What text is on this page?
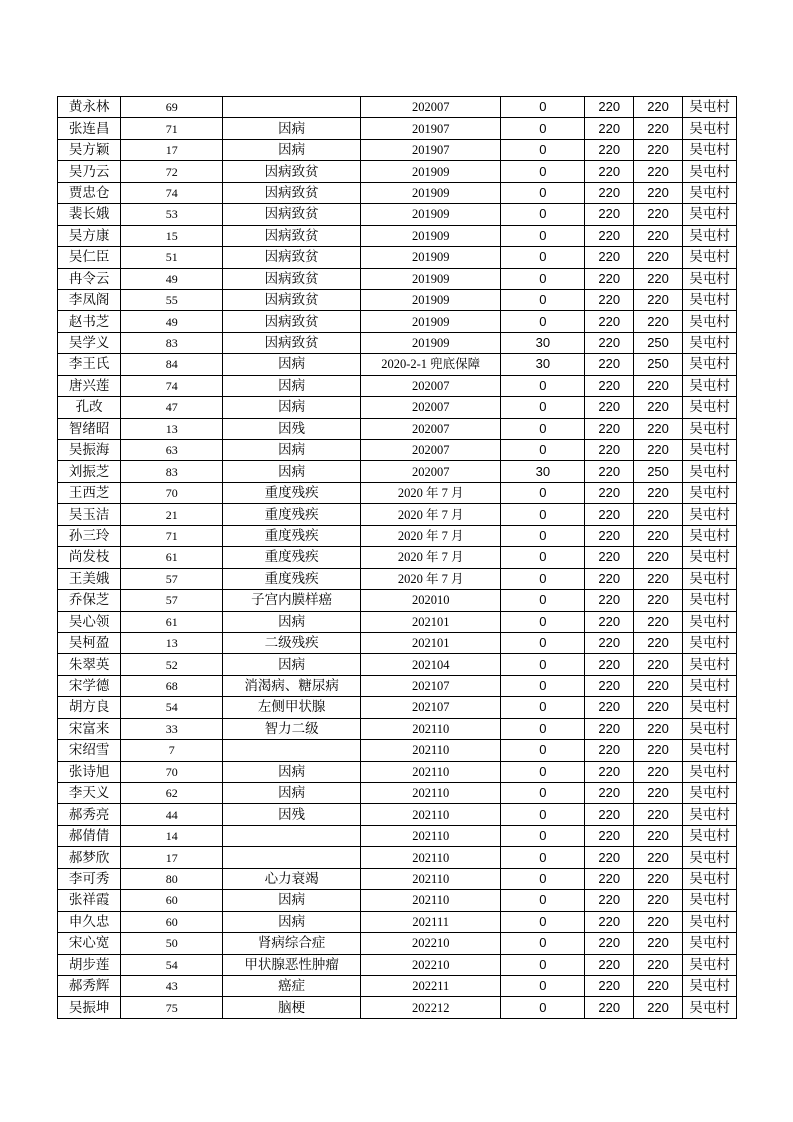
黄永林	69		202007	0	220	220	吴屯村
张连昌	71	因病	201907	0	220	220	吴屯村
吴方颖	17	因病	201907	0	220	220	吴屯村
吴乃云	72	因病致贫	201909	0	220	220	吴屯村
贾忠仓	74	因病致贫	201909	0	220	220	吴屯村
裴长娥	53	因病致贫	201909	0	220	220	吴屯村
吴方康	15	因病致贫	201909	0	220	220	吴屯村
吴仁臣	51	因病致贫	201909	0	220	220	吴屯村
冉令云	49	因病致贫	201909	0	220	220	吴屯村
李凤阁	55	因病致贫	201909	0	220	220	吴屯村
赵书芝	49	因病致贫	201909	0	220	220	吴屯村
吴学义	83	因病致贫	201909	30	220	250	吴屯村
李王氏	84	因病	2020-2-1 兜底保障	30	220	250	吴屯村
唐兴莲	74	因病	202007	0	220	220	吴屯村
孔改	47	因病	202007	0	220	220	吴屯村
智绪昭	13	因残	202007	0	220	220	吴屯村
吴振海	63	因病	202007	0	220	220	吴屯村
刘振芝	83	因病	202007	30	220	250	吴屯村
王西芝	70	重度残疾	2020 年 7 月	0	220	220	吴屯村
吴玉洁	21	重度残疾	2020 年 7 月	0	220	220	吴屯村
孙三玲	71	重度残疾	2020 年 7 月	0	220	220	吴屯村
尚发枝	61	重度残疾	2020 年 7 月	0	220	220	吴屯村
王美娥	57	重度残疾	2020 年 7 月	0	220	220	吴屯村
乔保芝	57	子宫内膜样癌	202010	0	220	220	吴屯村
吴心领	61	因病	202101	0	220	220	吴屯村
吴柯盈	13	二级残疾	202101	0	220	220	吴屯村
朱翠英	52	因病	202104	0	220	220	吴屯村
宋学德	68	消渴病、糖尿病	202107	0	220	220	吴屯村
胡方良	54	左侧甲状腺	202107	0	220	220	吴屯村
宋富来	33	智力二级	202110	0	220	220	吴屯村
宋绍雪	7		202110	0	220	220	吴屯村
张诗旭	70	因病	202110	0	220	220	吴屯村
李天义	62	因病	202110	0	220	220	吴屯村
郝秀亮	44	因残	202110	0	220	220	吴屯村
郝倩倩	14		202110	0	220	220	吴屯村
郝梦欣	17		202110	0	220	220	吴屯村
李可秀	80	心力衰竭	202110	0	220	220	吴屯村
张祥霞	60	因病	202110	0	220	220	吴屯村
申久忠	60	因病	202111	0	220	220	吴屯村
宋心宽	50	肾病综合症	202210	0	220	220	吴屯村
胡步莲	54	甲状腺恶性肿瘤	202210	0	220	220	吴屯村
郝秀辉	43	癌症	202211	0	220	220	吴屯村
吴振坤	75	脑梗	202212	0	220	220	吴屯村
